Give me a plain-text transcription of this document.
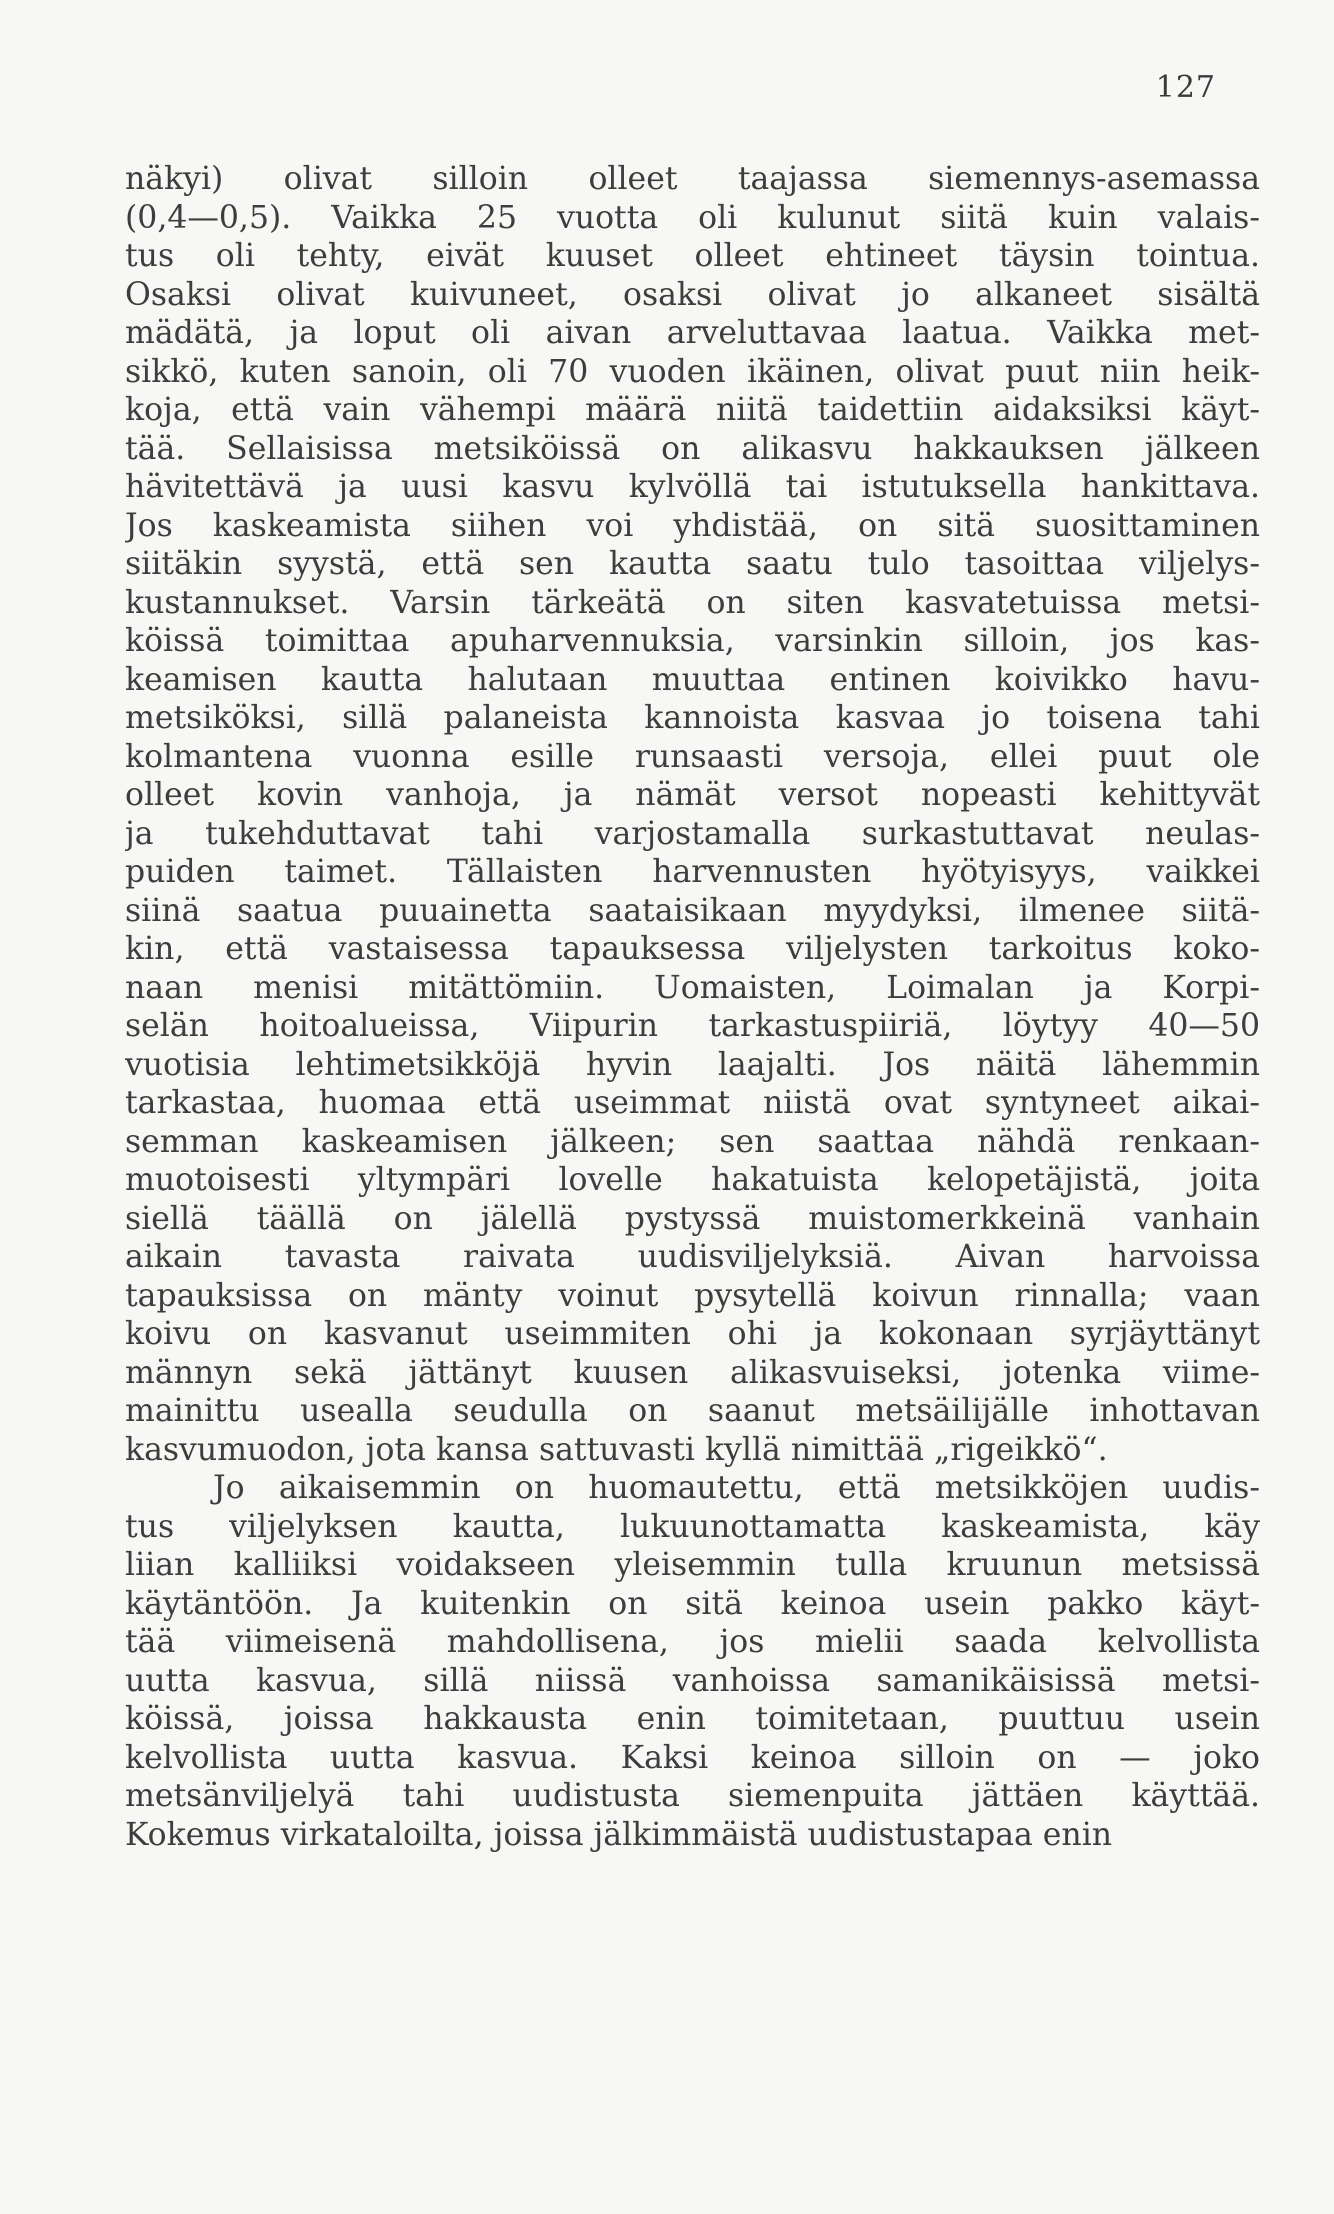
127
näkyi) olivat silloin olleet taajassa siemennys-asemassa
(0,4—0,5). Vaikka 25 vuotta oli kulunut siitä kuin valais-
tus oli tehty, eivät kuuset olleet ehtineet täysin tointua.
Osaksi olivat kuivuneet, osaksi olivat jo alkaneet sisältä
mädätä, ja loput oli aivan arveluttavaa laatua. Vaikka met-
sikkö, kuten sanoin, oli 70 vuoden ikäinen, olivat puut niin heik-
koja, että vain vähempi määrä niitä taidettiin aidaksiksi käyt-
tää. Sellaisissa metsiköissä on alikasvu hakkauksen jälkeen
hävitettävä ja uusi kasvu kylvöllä tai istutuksella hankittava.
Jos kaskeamista siihen voi yhdistää, on sitä suosittaminen
siitäkin syystä, että sen kautta saatu tulo tasoittaa viljelys-
kustannukset. Varsin tärkeätä on siten kasvatetuissa metsi-
köissä toimittaa apuharvennuksia, varsinkin silloin, jos kas-
keamisen kautta halutaan muuttaa entinen koivikko havu-
metsiköksi, sillä palaneista kannoista kasvaa jo toisena tahi
kolmantena vuonna esille runsaasti versoja, ellei puut ole
olleet kovin vanhoja, ja nämät versot nopeasti kehittyvät
ja tukehduttavat tahi varjostamalla surkastuttavat neulas-
puiden taimet. Tällaisten harvennusten hyötyisyys, vaikkei
siinä saatua puuainetta saataisikaan myydyksi, ilmenee siitä-
kin, että vastaisessa tapauksessa viljelysten tarkoitus koko-
naan menisi mitättömiin. Uomaisten, Loimalan ja Korpi-
selän hoitoalueissa, Viipurin tarkastuspiiriä, löytyy 40—50
vuotisia lehtimetsikköjä hyvin laajalti. Jos näitä lähemmin
tarkastaa, huomaa että useimmat niistä ovat syntyneet aikai-
semman kaskeamisen jälkeen; sen saattaa nähdä renkaan-
muotoisesti yltympäri lovelle hakatuista kelopetäjistä, joita
siellä täällä on jälellä pystyssä muistomerkkeinä vanhain
aikain tavasta raivata uudisviljelyksiä. Aivan harvoissa
tapauksissa on mänty voinut pysytellä koivun rinnalla; vaan
koivu on kasvanut useimmiten ohi ja kokonaan syrjäyttänyt
männyn sekä jättänyt kuusen alikasvuiseksi, jotenka viime-
mainittu usealla seudulla on saanut metsäilijälle inhottavan
kasvumuodon, jota kansa sattuvasti kyllä nimittää „rigeikkö“.
Jo aikaisemmin on huomautettu, että metsikköjen uudis-
tus viljelyksen kautta, lukuunottamatta kaskeamista, käy
liian kalliiksi voidakseen yleisemmin tulla kruunun metsissä
käytäntöön. Ja kuitenkin on sitä keinoa usein pakko käyt-
tää viimeisenä mahdollisena, jos mielii saada kelvollista
uutta kasvua, sillä niissä vanhoissa samanikäisissä metsi-
köissä, joissa hakkausta enin toimitetaan, puuttuu usein
kelvollista uutta kasvua. Kaksi keinoa silloin on — joko
metsänviljelyä tahi uudistusta siemenpuita jättäen käyttää.
Kokemus virkataloilta, joissa jälkimmäistä uudistustapaa enin
